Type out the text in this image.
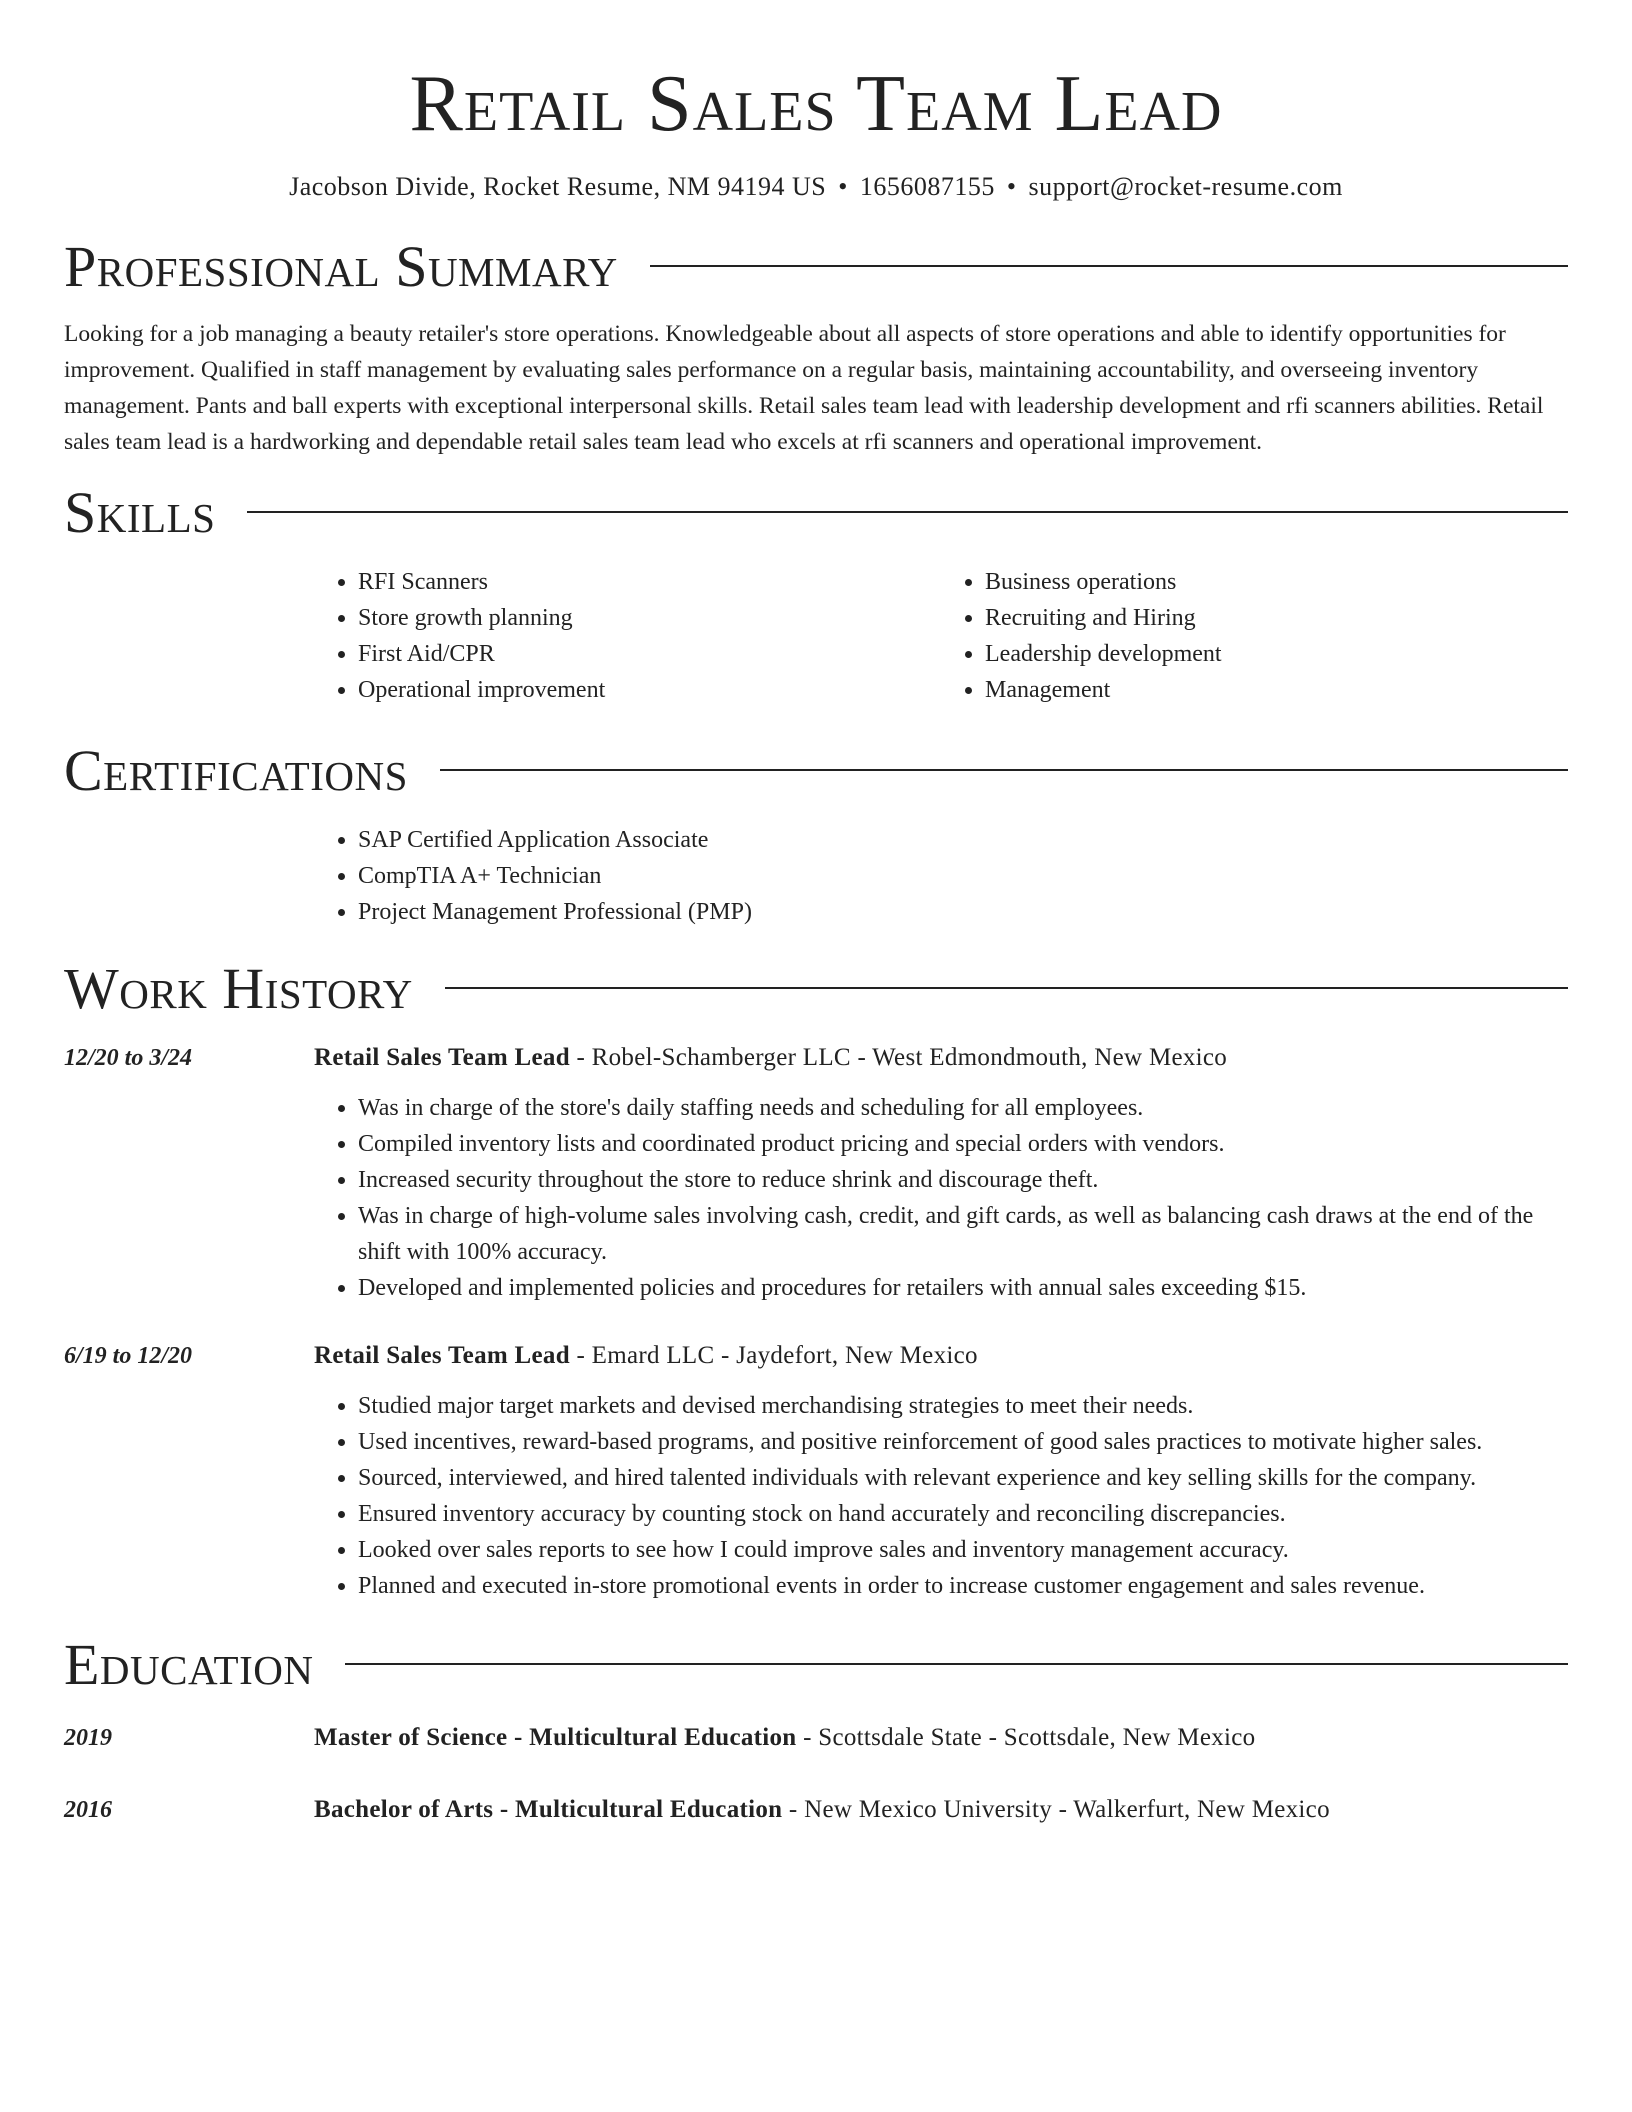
Retail Sales Team Lead
Jacobson Divide, Rocket Resume, NM 94194 US • 1656087155 • support@rocket-resume.com
Professional Summary

Looking for a job managing a beauty retailer's store operations. Knowledgeable about all aspects of store operations and able to identify opportunities for improvement. Qualified in staff management by evaluating sales performance on a regular basis, maintaining accountability, and overseeing inventory management. Pants and ball experts with exceptional interpersonal skills. Retail sales team lead with leadership development and rfi scanners abilities. Retail sales team lead is a hardworking and dependable retail sales team lead who excels at rfi scanners and operational improvement.

Skills
• RFI Scanners
• Store growth planning
• First Aid/CPR
• Operational improvement
• Business operations
• Recruiting and Hiring
• Leadership development
• Management
Certifications
• SAP Certified Application Associate
• CompTIA A+ Technician
• Project Management Professional (PMP)
Work History
12/20 to 3/24	Retail Sales Team Lead - Robel-Schamberger LLC - West Edmondmouth, New Mexico
• Was in charge of the store's daily staffing needs and scheduling for all employees.
• Compiled inventory lists and coordinated product pricing and special orders with vendors.
• Increased security throughout the store to reduce shrink and discourage theft.
• Was in charge of high-volume sales involving cash, credit, and gift cards, as well as balancing cash draws at the end of the shift with 100% accuracy.
• Developed and implemented policies and procedures for retailers with annual sales exceeding $15.
6/19 to 12/20	Retail Sales Team Lead - Emard LLC - Jaydefort, New Mexico
• Studied major target markets and devised merchandising strategies to meet their needs.
• Used incentives, reward-based programs, and positive reinforcement of good sales practices to motivate higher sales.
• Sourced, interviewed, and hired talented individuals with relevant experience and key selling skills for the company.
• Ensured inventory accuracy by counting stock on hand accurately and reconciling discrepancies.
• Looked over sales reports to see how I could improve sales and inventory management accuracy.
• Planned and executed in-store promotional events in order to increase customer engagement and sales revenue.
Education
2019	Master of Science - Multicultural Education - Scottsdale State - Scottsdale, New Mexico
2016	Bachelor of Arts - Multicultural Education - New Mexico University - Walkerfurt, New Mexico
